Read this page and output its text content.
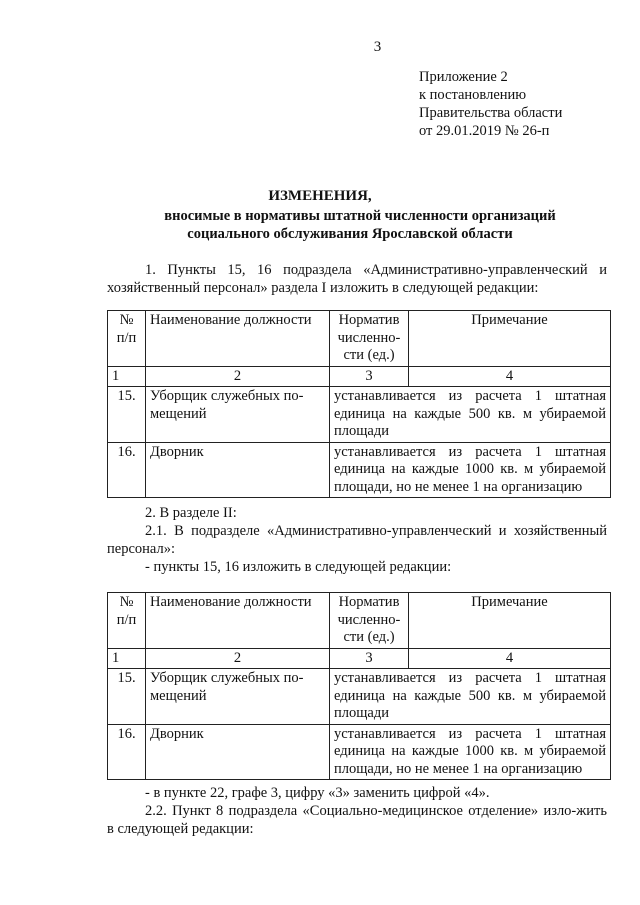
3
Приложение 2
к постановлению
Правительства области
от 29.01.2019 № 26-п
ИЗМЕНЕНИЯ,
вносимые в нормативы штатной численности организаций
социального обслуживания Ярославской области
1. Пункты 15, 16 подраздела «Административно-управленческий и хозяйственный персонал» раздела I изложить в следующей редакции:
№ п/п	Наименование должности	Норматив численно-сти (ед.)	Примечание
1	2	3	4
15.	Уборщик служебных по-мещений	устанавливается из расчета 1 штатная единица на каждые 500 кв. м убираемой площади	
16.	Дворник	устанавливается из расчета 1 штатная единица на каждые 1000 кв. м убираемой площади, но не менее 1 на организацию	
2. В разделе II:
2.1. В подразделе «Административно-управленческий и хозяйственный персонал»:
- пункты 15, 16 изложить в следующей редакции:
№ п/п	Наименование должности	Норматив численно-сти (ед.)	Примечание
1	2	3	4
15.	Уборщик служебных по-мещений	устанавливается из расчета 1 штатная единица на каждые 500 кв. м убираемой площади	
16.	Дворник	устанавливается из расчета 1 штатная единица на каждые 1000 кв. м убираемой площади, но не менее 1 на организацию	
- в пункте 22, графе 3, цифру «3» заменить цифрой «4».
2.2. Пункт 8 подраздела «Социально-медицинское отделение» изло-жить в следующей редакции:
